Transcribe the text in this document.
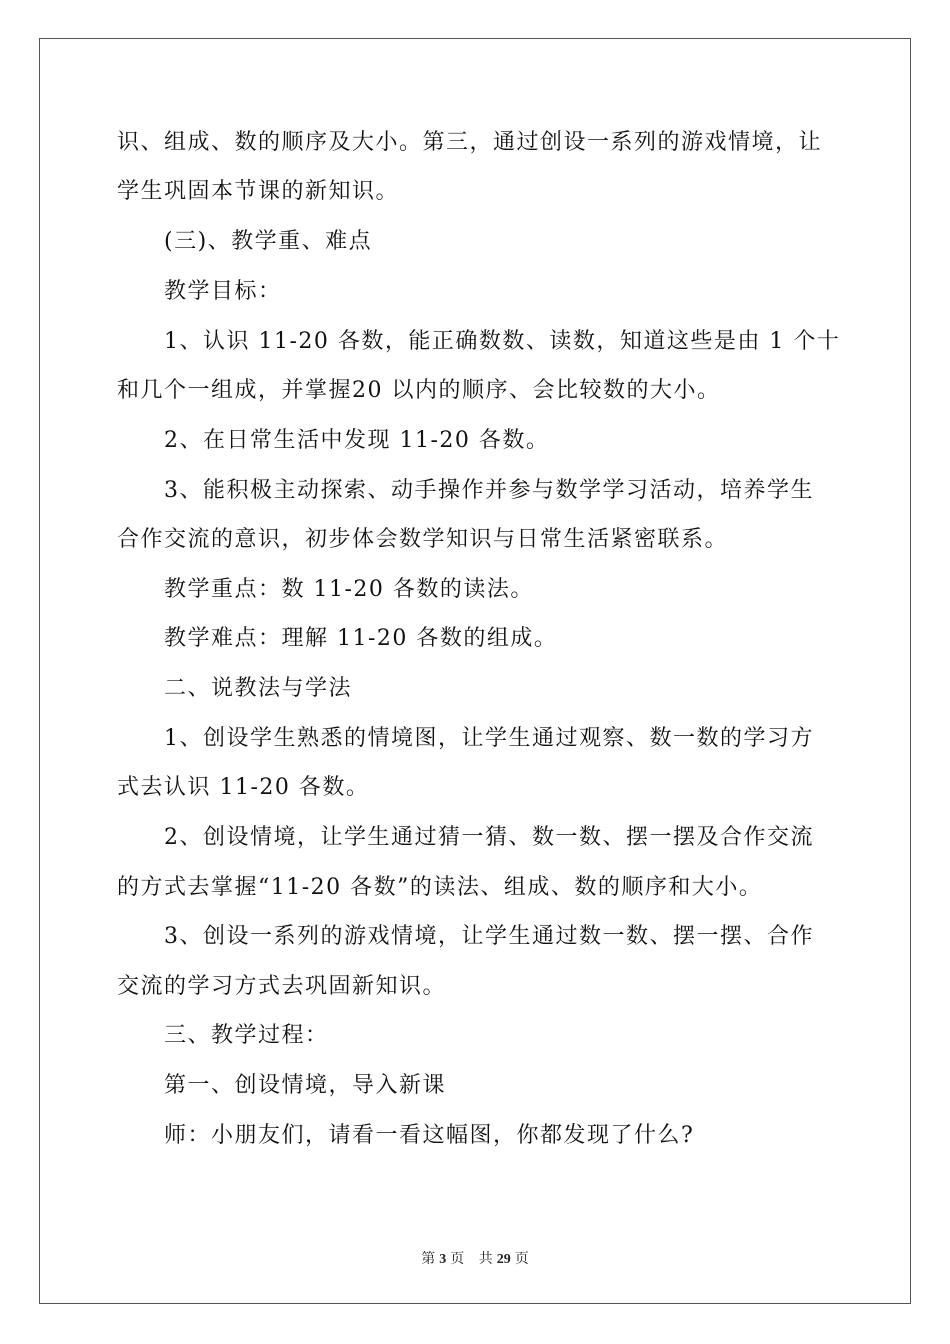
识、组成、数的顺序及大小。第三，通过创设一系列的游戏情境，让
学生巩固本节课的新知识。
(三)、教学重、难点
教学目标：
1、认识 11-20 各数，能正确数数、读数，知道这些是由 1 个十
和几个一组成，并掌握20 以内的顺序、会比较数的大小。
2、在日常生活中发现 11-20 各数。
3、能积极主动探索、动手操作并参与数学学习活动，培养学生
合作交流的意识，初步体会数学知识与日常生活紧密联系。
教学重点：数 11-20 各数的读法。
教学难点：理解 11-20 各数的组成。
二、说教法与学法
1、创设学生熟悉的情境图，让学生通过观察、数一数的学习方
式去认识 11-20 各数。
2、创设情境，让学生通过猜一猜、数一数、摆一摆及合作交流
的方式去掌握“11-20 各数”的读法、组成、数的顺序和大小。
3、创设一系列的游戏情境，让学生通过数一数、摆一摆、合作
交流的学习方式去巩固新知识。
三、教学过程：
第一、创设情境，导入新课
师：小朋友们，请看一看这幅图，你都发现了什么?
第 3 页 共 29 页
